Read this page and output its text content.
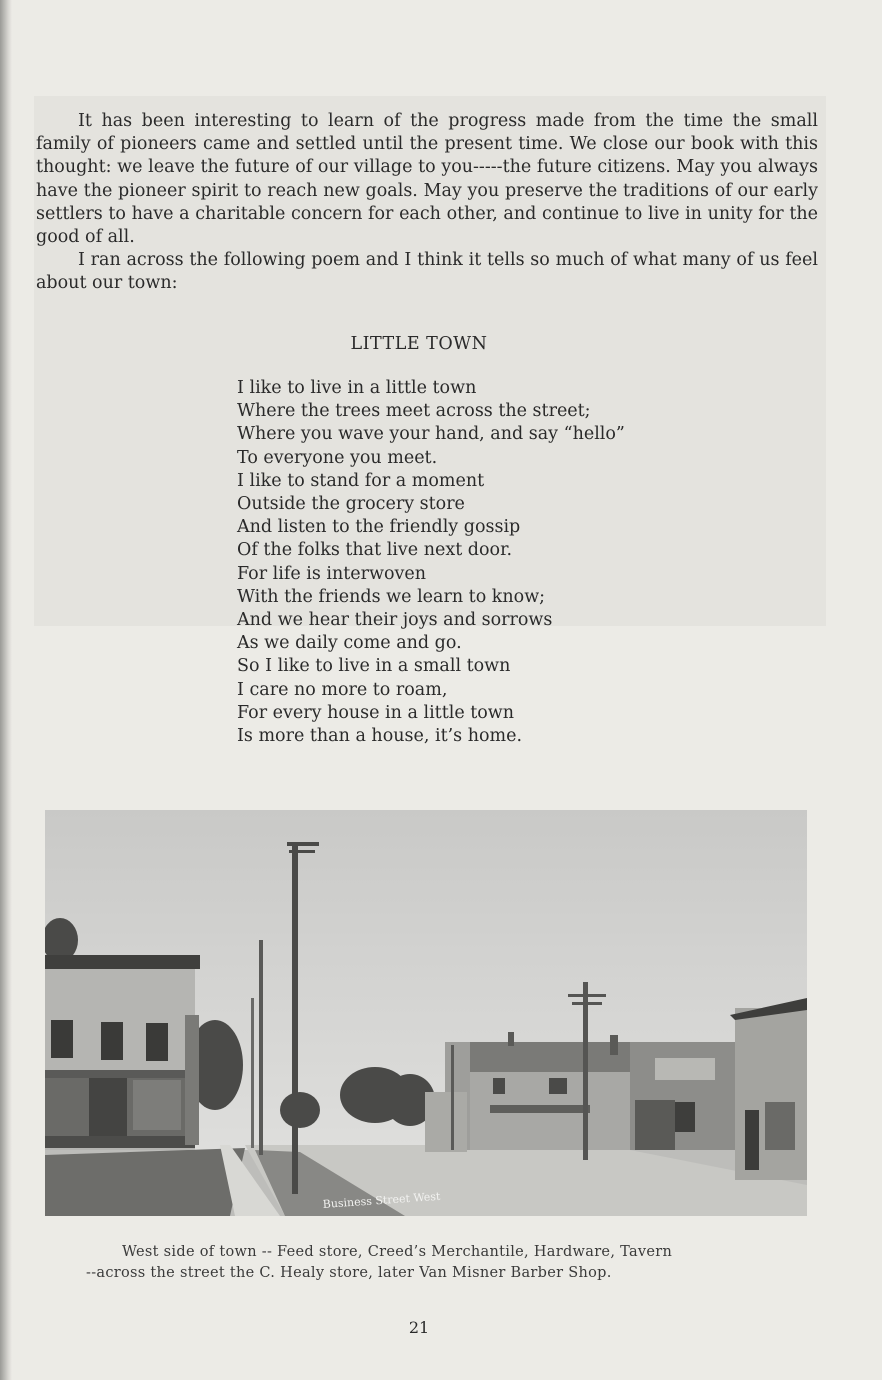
It has been interesting to learn of the progress made from the time the small family of pioneers came and settled until the present time. We close our book with this thought: we leave the future of our village to you-----the future citizens. May you always have the pioneer spirit to reach new goals. May you preserve the traditions of our early settlers to have a charitable concern for each other, and continue to live in unity for the good of all.

I ran across the following poem and I think it tells so much of what many of us feel about our town:

LITTLE TOWN
I like to live in a little town
Where the trees meet across the street;
Where you wave your hand, and say “hello”
To everyone you meet.
I like to stand for a moment
Outside the grocery store
And listen to the friendly gossip
Of the folks that live next door.
For life is interwoven
With the friends we learn to know;
And we hear their joys and sorrows
As we daily come and go.
So I like to live in a small town
I care no more to roam,
For every house in a little town
Is more than a house, it’s home.
Business Street West
West side of town -- Feed store, Creed’s Merchantile, Hardware, Tavern
--across the street the C. Healy store, later Van Misner Barber Shop.
21
